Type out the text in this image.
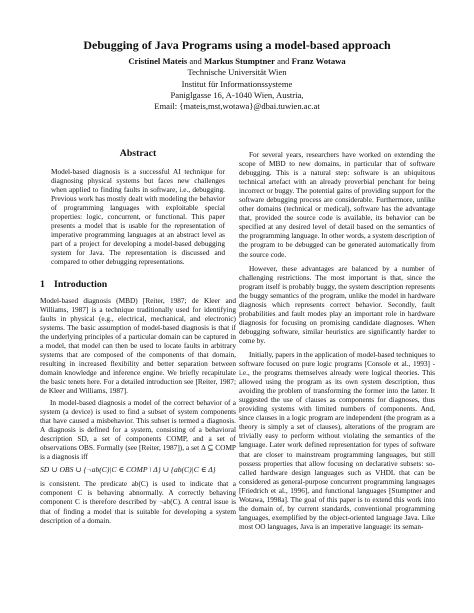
Debugging of Java Programs using a model-based approach
Cristinel Mateis and Markus Stumptner and Franz Wotawa
Technische Universität Wien
Institut für Informationssysteme
Paniglgasse 16, A-1040 Wien, Austria,
Email: {mateis,mst,wotawa}@dbai.tuwien.ac.at
Abstract
Model-based diagnosis is a successful AI technique for diagnosing physical systems but faces new challenges when applied to finding faults in software, i.e., debugging. Previous work has mostly dealt with modeling the behavior of programming languages with exploitable special properties: logic, concurrent, or functional. This paper presents a model that is usable for the representation of imperative programming languages at an abstract level as part of a project for developing a model-based debugging system for Java. The representation is discussed and compared to other debugging representations.
1 Introduction

Model-based diagnosis (MBD) [Reiter, 1987; de Kleer and Williams, 1987] is a technique traditionally used for identifying faults in physical (e.g., electrical, mechanical, and electronic) systems. The basic assumption of model-based diagnosis is that if the underlying principles of a particular domain can be captured in a model, that model can then be used to locate faults in arbitrary systems that are composed of the components of that domain, resulting in increased flexibility and better separation between domain knowledge and inference engine. We briefly recapitulate the basic tenets here. For a detailed introduction see [Reiter, 1987; de Kleer and Williams, 1987].

In model-based diagnosis a model of the correct behavior of a system (a device) is used to find a subset of system components that have caused a misbehavior. This subset is termed a diagnosis. A diagnosis is defined for a system, consisting of a behavioral description SD, a set of components COMP, and a set of observations OBS. Formally (see [Reiter, 1987]), a set Δ ⊆ COMP is a diagnosis iff

SD ∪ OBS ∪ {¬ab(C)|C ∈ COMP \ Δ} ∪ {ab(C)|C ∈ Δ}

is consistent. The predicate ab(C) is used to indicate that a component C is behaving abnormally. A correctly behaving component C is therefore described by ¬ab(C). A central issue is that of finding a model that is suitable for developing a system description of a domain.

For several years, researchers have worked on extending the scope of MBD to new domains, in particular that of software debugging. This is a natural step: software is an ubiquitous technical artefact with an already proverbial penchant for being incorrect or buggy. The potential gains of providing support for the software debugging process are considerable. Furthermore, unlike other domains (technical or medical), software has the advantage that, provided the source code is available, its behavior can be specified at any desired level of detail based on the semantics of the programming language. In other words, a system description of the program to be debugged can be generated automatically from the source code.

However, these advantages are balanced by a number of challenging restrictions. The most important is that, since the program itself is probably buggy, the system description represents the buggy semantics of the program, unlike the model in hardware diagnosis which represents correct behavior. Secondly, fault probabilities and fault modes play an important role in hardware diagnosis for focusing on promising candidate diagnoses. When debugging software, similar heuristics are significantly harder to come by.

Initially, papers in the application of model-based techniques to software focused on pure logic programs [Console et al., 1993] - i.e., the programs themselves already were logical theories. This allowed using the program as its own system description, thus avoiding the problem of transforming the former into the latter. It suggested the use of clauses as components for diagnoses, thus providing systems with limited numbers of components. And, since clauses in a logic program are independent (the program as a theory is simply a set of clauses), alterations of the program are trivially easy to perform without violating the semantics of the language. Later work defined representation for types of software that are closer to mainstream programming languages, but still possess properties that allow focusing on declarative subsets: so-called hardware design languages such as VHDL that can be considered as general-purpose concurrent programming languages [Friedrich et al., 1996], and functional languages [Stumptner and Wotawa, 1998a]. The goal of this paper is to extend this work into the domain of, by current standards, conventional programming languages, exemplified by the object-oriented language Java. Like most OO languages, Java is an imperative language: its seman-
